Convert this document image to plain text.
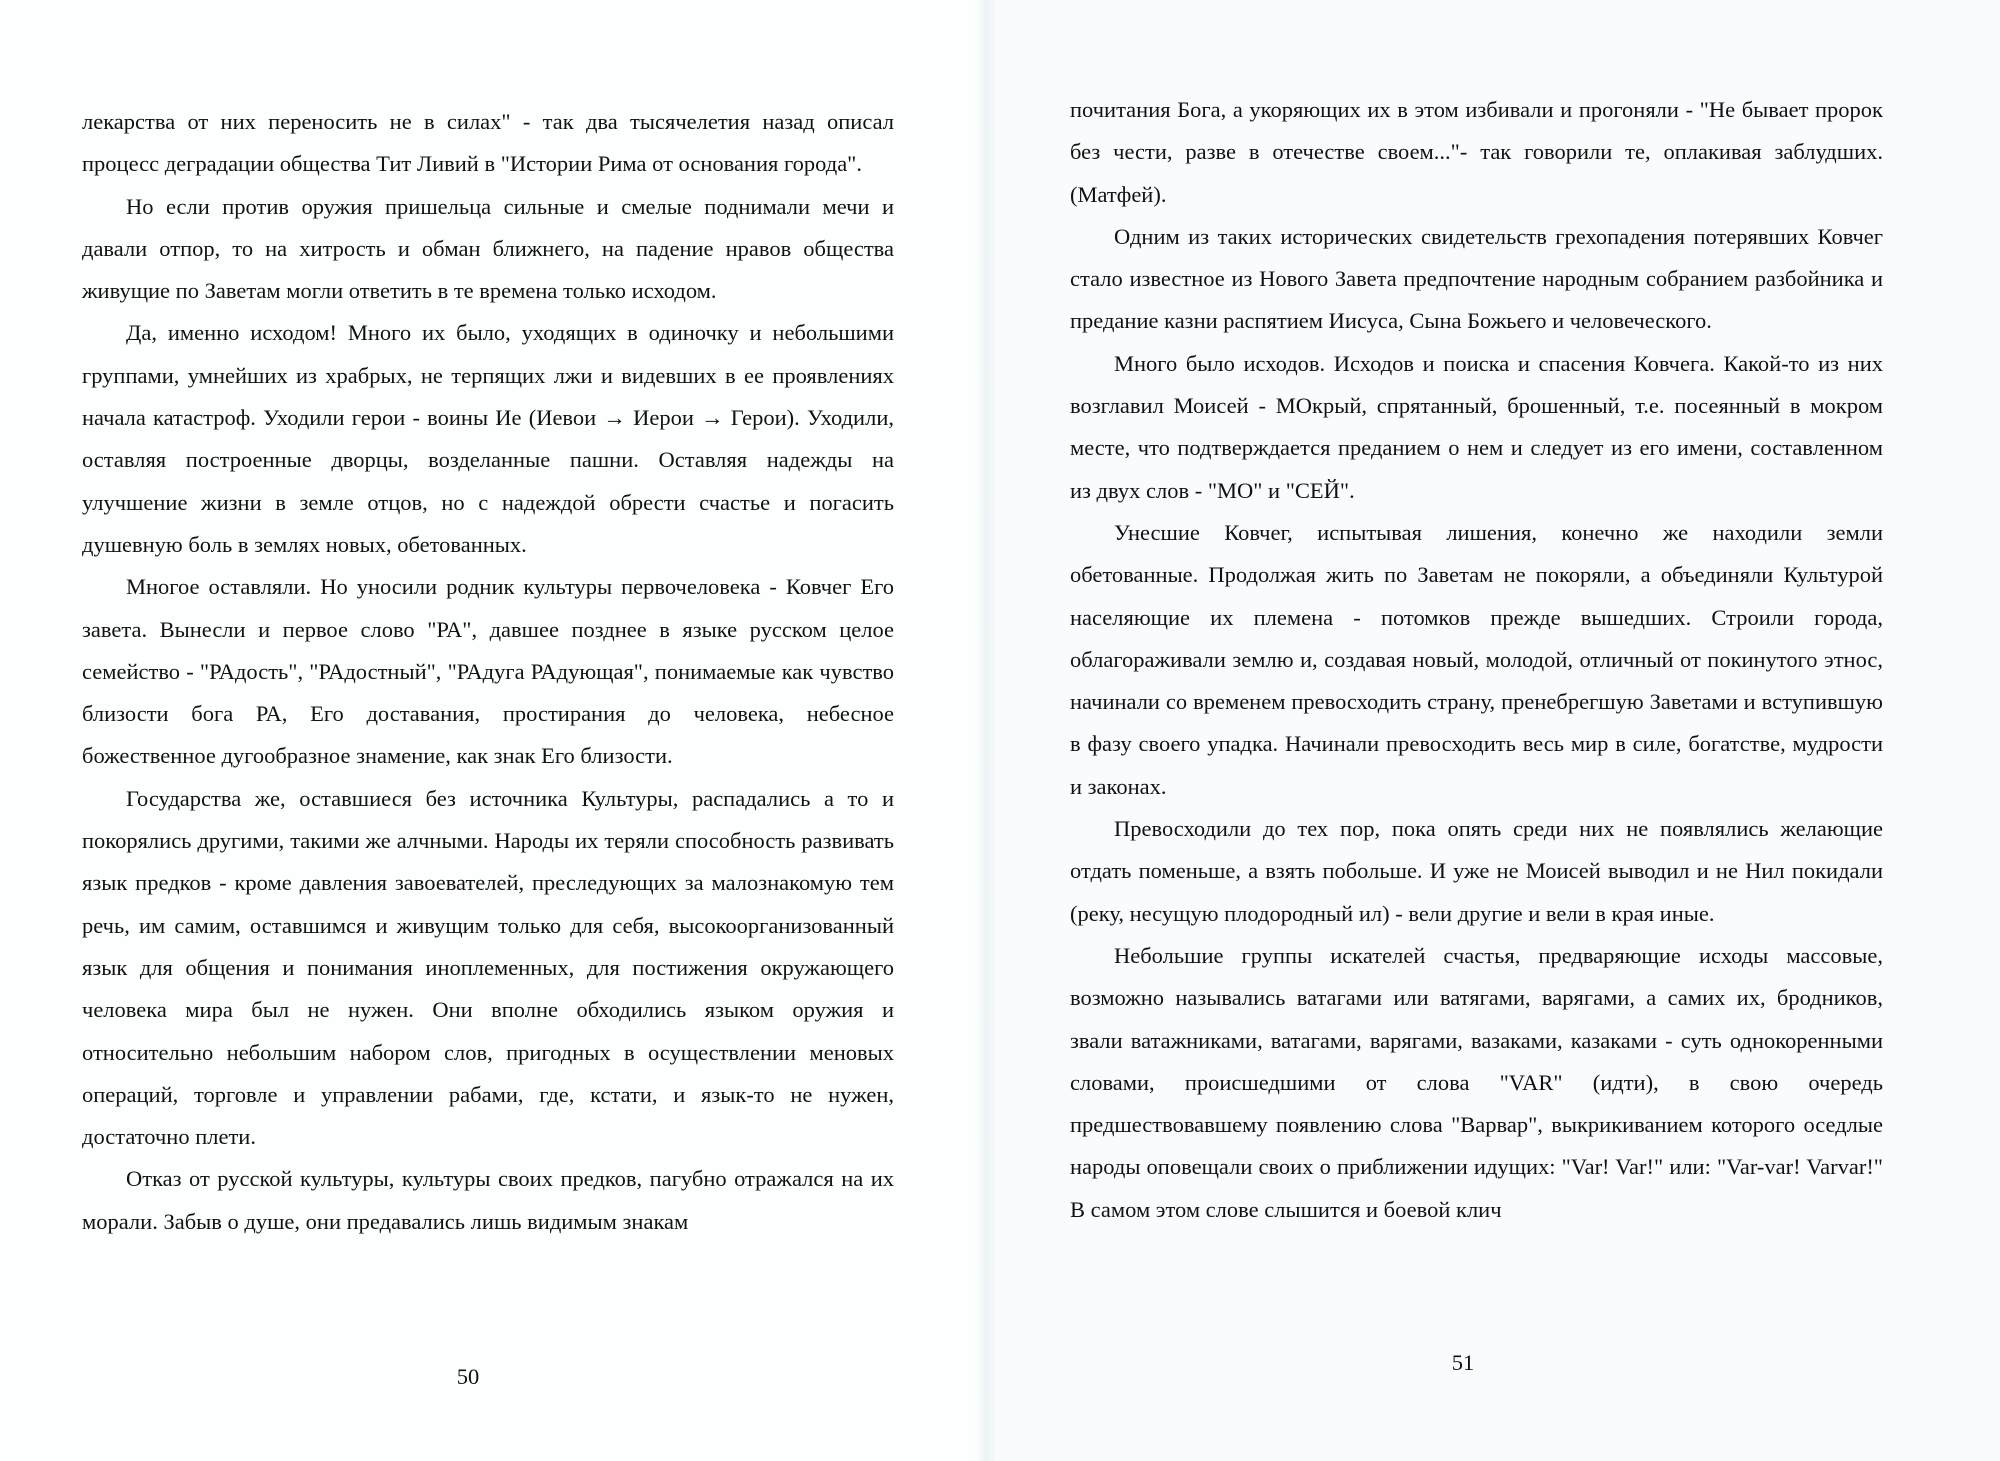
лекарства от них переносить не в силах" - так два тысячелетия назад описал процесс деградации общества Тит Ливий в "Истории Рима от основания города".

Но если против оружия пришельца сильные и смелые поднимали мечи и давали отпор, то на хитрость и обман ближнего, на падение нравов общества живущие по Заветам могли ответить в те времена только исходом.

Да, именно исходом! Много их было, уходящих в одиночку и небольшими группами, умнейших из храбрых, не терпящих лжи и видевших в ее проявлениях начала катастроф. Уходили герои - воины Ие (Иевои → Иерои → Герои). Уходили, оставляя построенные дворцы, возделанные пашни. Оставляя надежды на улучшение жизни в земле отцов, но с надеждой обрести счастье и погасить душевную боль в землях новых, обетованных.

Многое оставляли. Но уносили родник культуры первочеловека - Ковчег Его завета. Вынесли и первое слово "РА", давшее позднее в языке русском целое семейство - "РАдость", "РАдостный", "РАдуга РАдующая", понимаемые как чувство близости бога РА, Его доставания, простирания до человека, небесное божественное дугообразное знамение, как знак Его близости.

Государства же, оставшиеся без источника Культуры, распадались а то и покорялись другими, такими же алчными. Народы их теряли способность развивать язык предков - кроме давления завоевателей, преследующих за малознакомую тем речь, им самим, оставшимся и живущим только для себя, высокоорганизованный язык для общения и понимания иноплеменных, для постижения окружающего человека мира был не нужен. Они вполне обходились языком оружия и относительно небольшим набором слов, пригодных в осуществлении меновых операций, торговле и управлении рабами, где, кстати, и язык-то не нужен, достаточно плети.

Отказ от русской культуры, культуры своих предков, пагубно отражался на их морали. Забыв о душе, они предавались лишь видимым знакам

50

почитания Бога, а укоряющих их в этом избивали и прогоняли - "Не бывает пророк без чести, разве в отечестве своем..."- так говорили те, оплакивая заблудших. (Матфей).

Одним из таких исторических свидетельств грехопадения потерявших Ковчег стало известное из Нового Завета предпочтение народным собранием разбойника и предание казни распятием Иисуса, Сына Божьего и человеческого.

Много было исходов. Исходов и поиска и спасения Ковчега. Какой-то из них возглавил Моисей - МОкрый, спрятанный, брошенный, т.е. посеянный в мокром месте, что подтверждается преданием о нем и следует из его имени, составленном из двух слов - "МО" и "СЕЙ".

Унесшие Ковчег, испытывая лишения, конечно же находили земли обетованные. Продолжая жить по Заветам не покоряли, а объединяли Культурой населяющие их племена - потомков прежде вышедших. Строили города, облагораживали землю и, создавая новый, молодой, отличный от покинутого этнос, начинали со временем превосходить страну, пренебрегшую Заветами и вступившую в фазу своего упадка. Начинали превосходить весь мир в силе, богатстве, мудрости и законах.

Превосходили до тех пор, пока опять среди них не появлялись желающие отдать поменьше, а взять побольше. И уже не Моисей выводил и не Нил покидали (реку, несущую плодородный ил) - вели другие и вели в края иные.

Небольшие группы искателей счастья, предваряющие исходы массовые, возможно назывались ватагами или ватягами, варягами, а самих их, бродников, звали ватажниками, ватагами, варягами, вазаками, казаками - суть однокоренными словами, происшедшими от слова "VAR" (идти), в свою очередь предшествовавшему появлению слова "Варвар", выкрикиванием которого оседлые народы оповещали своих о приближении идущих: "Var! Var!" или: "Var-var! Varvar!" В самом этом слове слышится и боевой клич

51
